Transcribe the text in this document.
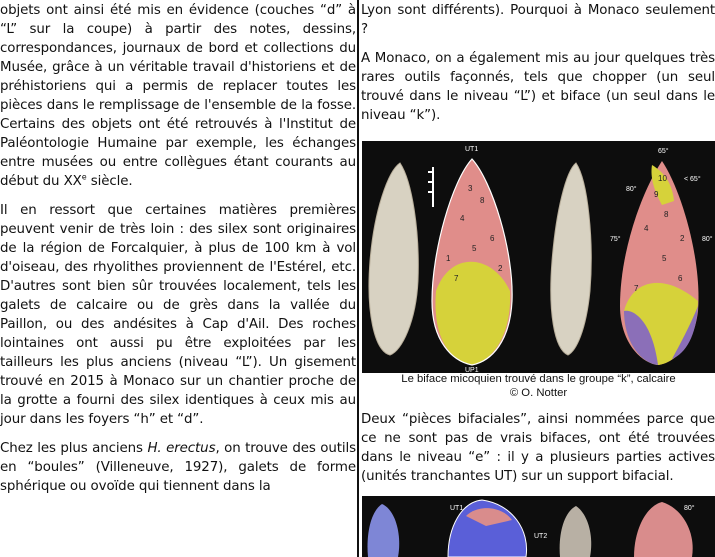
objets ont ainsi été mis en évidence (couches “d” à “L” sur la coupe) à partir des notes, dessins, correspondances, journaux de bord et collections du Musée, grâce à un véritable travail d'historiens et de préhistoriens qui a permis de replacer toutes les pièces dans le remplissage de l'ensemble de la fosse. Certains des objets ont été retrouvés à l'Institut de Paléontologie Humaine par exemple, les échanges entre musées ou entre collègues étant courants au début du XXe siècle.

Il en ressort que certaines matières premières peuvent venir de très loin : des silex sont originaires de la région de Forcalquier, à plus de 100 km à vol d'oiseau, des rhyolithes proviennent de l'Estérel, etc. D'autres sont bien sûr trouvées localement, tels les galets de calcaire ou de grès dans la vallée du Paillon, ou des andésites à Cap d'Ail. Des roches lointaines ont aussi pu être exploitées par les tailleurs les plus anciens (niveau “L”). Un gisement trouvé en 2015 à Monaco sur un chantier proche de la grotte a fourni des silex identiques à ceux mis au jour dans les foyers “h” et “d”.

Chez les plus anciens H. erectus, on trouve des outils en “boules” (Villeneuve, 1927), galets de forme sphérique ou ovoïde qui tiennent dans la

Lyon sont différents). Pourquoi à Monaco seulement ?

A Monaco, on a également mis au jour quelques très rares outils façonnés, tels que chopper (un seul trouvé dans le niveau “L”) et biface (un seul dans le niveau “k”).

UT1
UP1
3
8
4
1
6
2
5
7
65°
< 65°
80°
75°	80°
10
9
8
4
2
5
6
7
Le biface micoquien trouvé dans le groupe “k”, calcaire
© O. Notter

Deux “pièces bifaciales”, ainsi nommées parce que ce ne sont pas de vrais bifaces, ont été trouvées dans le niveau “e” : il y a plusieurs parties actives (unités tranchantes UT) sur un support bifacial.

UT1
UT2
80°
